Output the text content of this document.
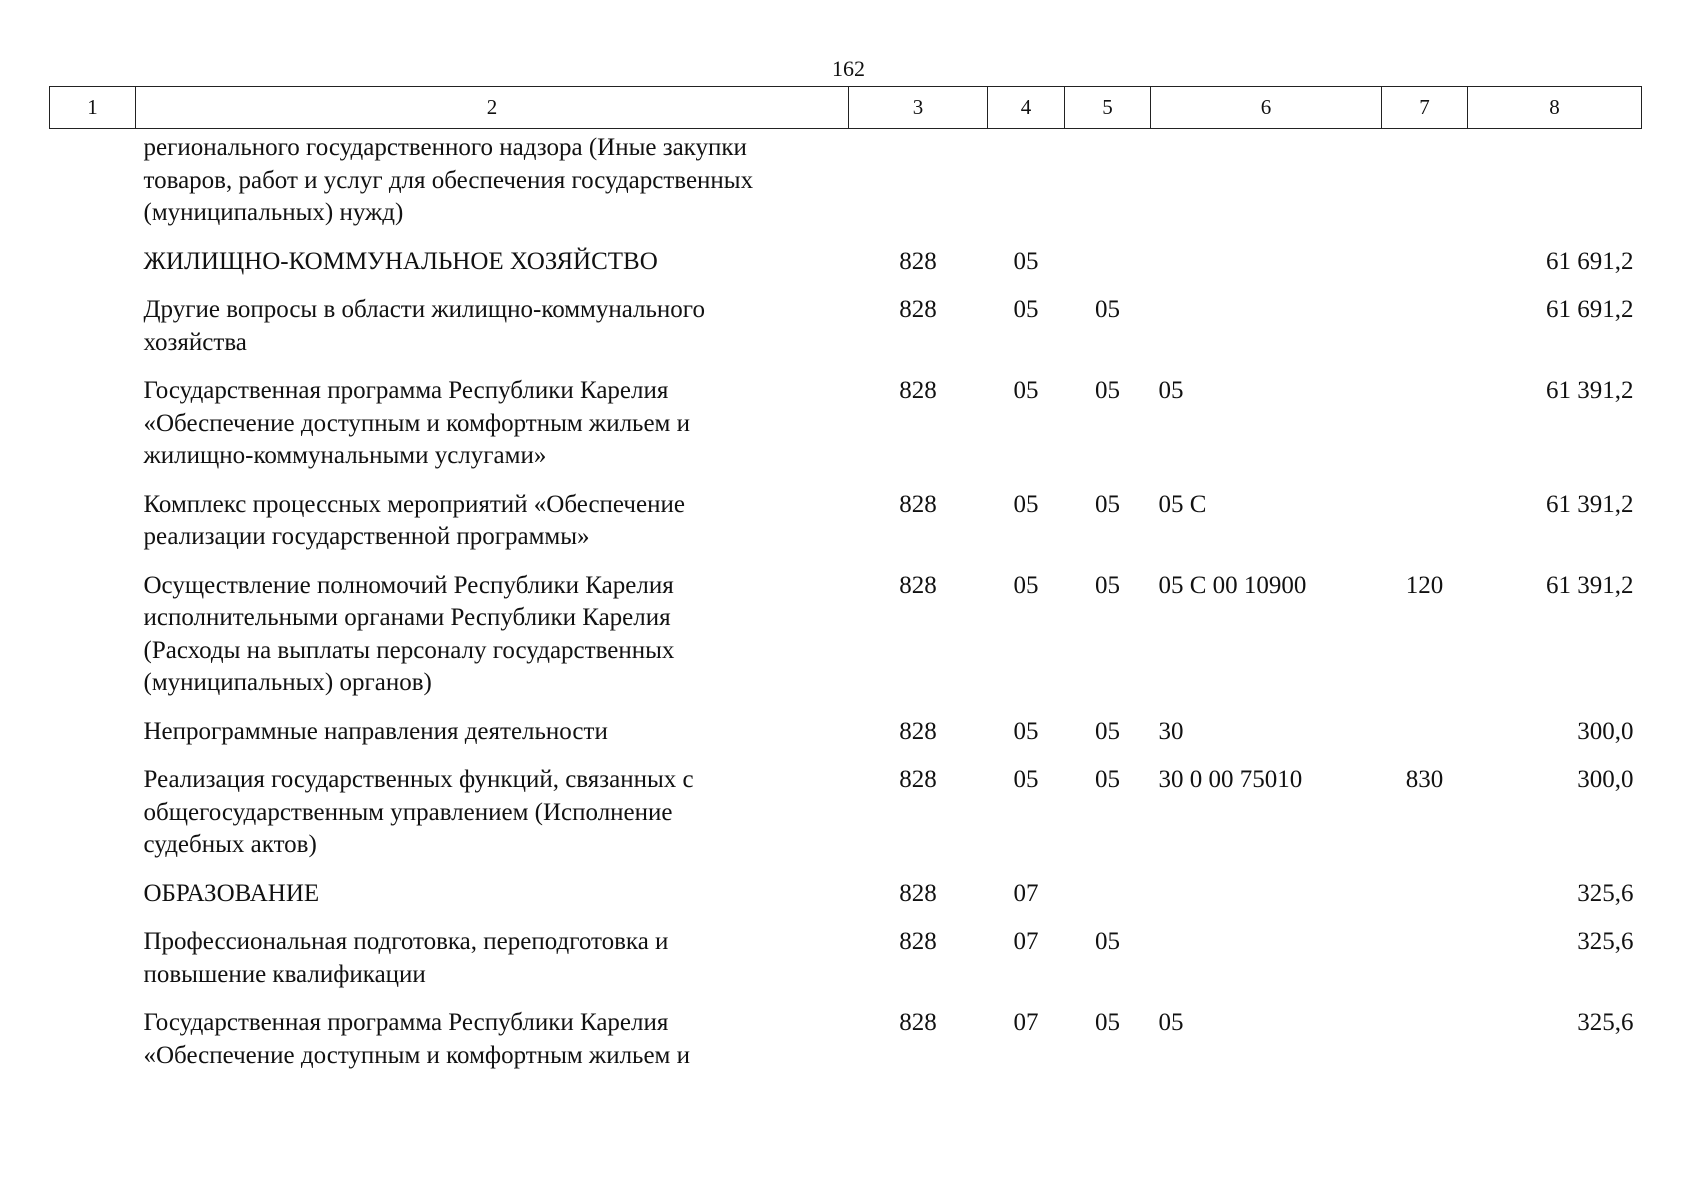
162
1	2	3	4	5	6	7	8

	регионального государственного надзора (Иные закупки
товаров, работ и услуг для обеспечения государственных
(муниципальных) нужд)						

	ЖИЛИЩНО-КОММУНАЛЬНОЕ ХОЗЯЙСТВО	828	05				61 691,2

	Другие вопросы в области жилищно-коммунального
хозяйства	828	05	05			61 691,2

	Государственная программа Республики Карелия
«Обеспечение доступным и комфортным жильем и
жилищно-коммунальными услугами»	828	05	05	05		61 391,2

	Комплекс процессных мероприятий «Обеспечение
реализации государственной программы»	828	05	05	05 С		61 391,2

	Осуществление полномочий Республики Карелия
исполнительными органами Республики Карелия
(Расходы на выплаты персоналу государственных
(муниципальных) органов)	828	05	05	05 С 00 10900	120	61 391,2

	Непрограммные направления деятельности	828	05	05	30		300,0

	Реализация государственных функций, связанных с
общегосударственным управлением (Исполнение
судебных актов)	828	05	05	30 0 00 75010	830	300,0

	ОБРАЗОВАНИЕ	828	07				325,6

	Профессиональная подготовка, переподготовка и
повышение квалификации	828	07	05			325,6

	Государственная программа Республики Карелия
«Обеспечение доступным и комфортным жильем и	828	07	05	05		325,6
